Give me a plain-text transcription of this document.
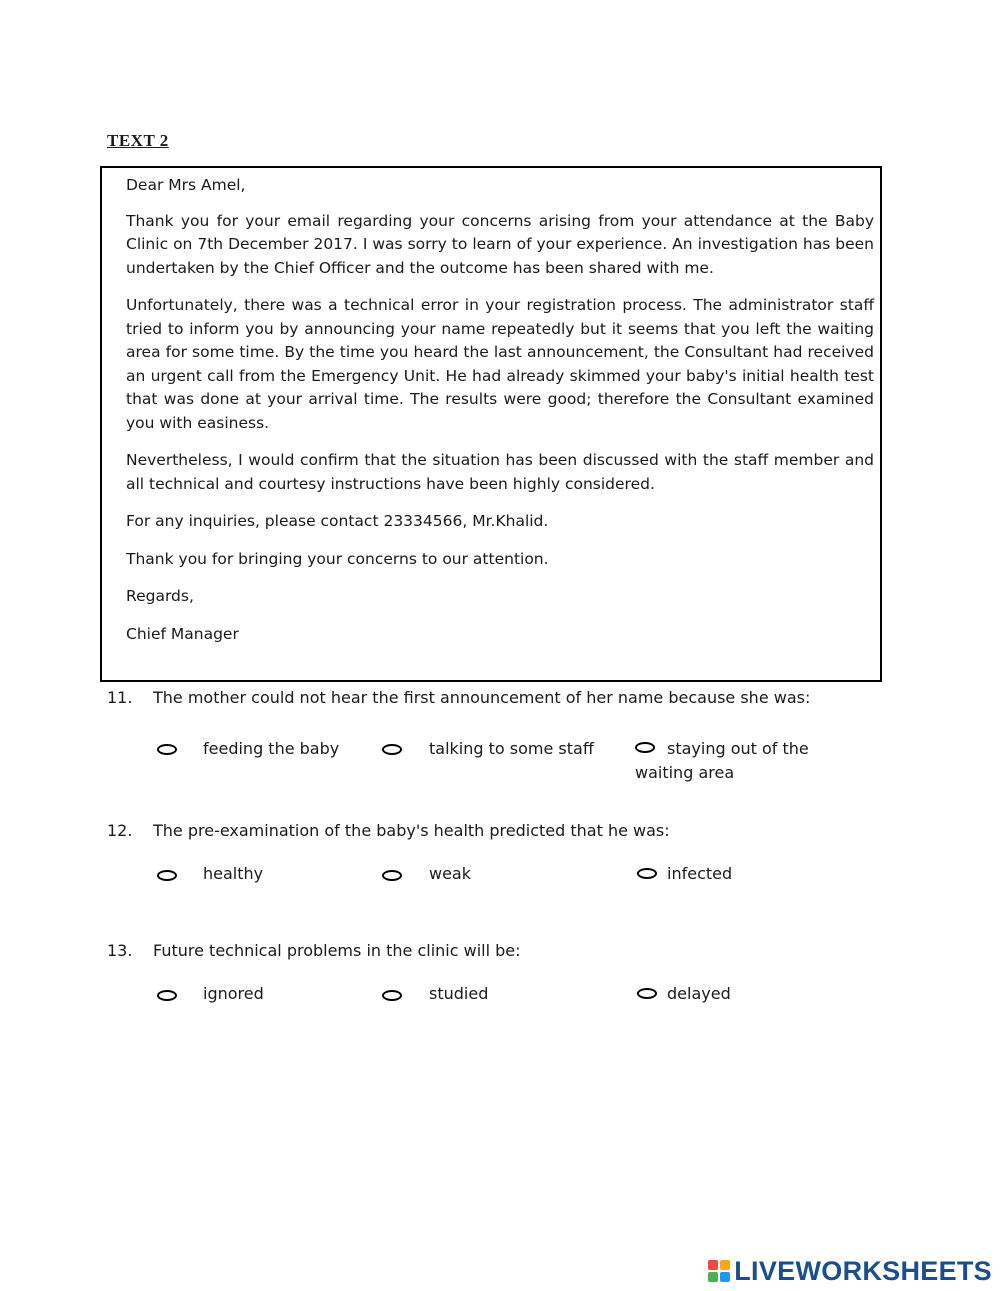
TEXT 2

Dear Mrs Amel,

Thank you for your email regarding your concerns arising from your attendance at the Baby Clinic on 7th December 2017. I was sorry to learn of your experience. An investigation has been undertaken by the Chief Officer and the outcome has been shared with me.

Unfortunately, there was a technical error in your registration process. The administrator staff tried to inform you by announcing your name repeatedly but it seems that you left the waiting area for some time. By the time you heard the last announcement, the Consultant had received an urgent call from the Emergency Unit. He had already skimmed your baby's initial health test that was done at your arrival time. The results were good; therefore the Consultant examined you with easiness.

Nevertheless, I would confirm that the situation has been discussed with the staff member and all technical and courtesy instructions have been highly considered.

For any inquiries, please contact 23334566, Mr.Khalid.

Thank you for bringing your concerns to our attention.

Regards,

Chief Manager

11. The mother could not hear the first announcement of her name because she was:
feeding the baby	talking to some staff	staying out of the waiting area
12. The pre-examination of the baby's health predicted that he was:
healthy	weak	infected
13. Future technical problems in the clinic will be:
ignored	studied	delayed
LIVEWORKSHEETS
